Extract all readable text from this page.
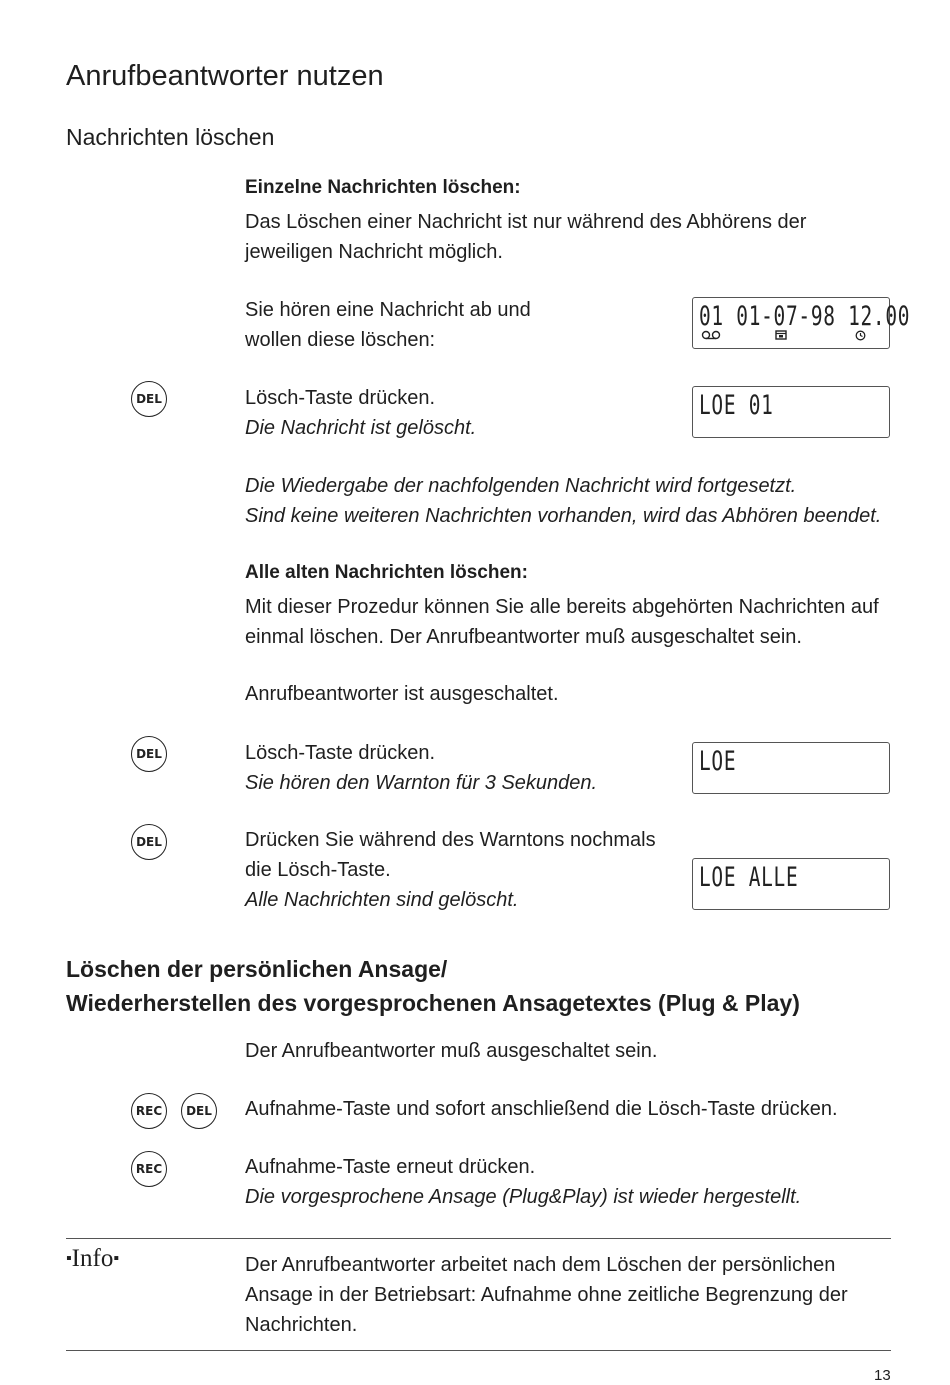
Anrufbeantworter nutzen
Nachrichten löschen
Einzelne Nachrichten löschen:
Das Löschen einer Nachricht ist nur während des Abhörens der
jeweiligen Nachricht möglich.
Sie hören eine Nachricht ab und
wollen diese löschen:
01 01-07-98 12.00
DEL	Lösch-Taste drücken.
Die Nachricht ist gelöscht.
LOE 01
Die Wiedergabe der nachfolgenden Nachricht wird fortgesetzt.
Sind keine weiteren Nachrichten vorhanden, wird das Abhören beendet.
Alle alten Nachrichten löschen:
Mit dieser Prozedur können Sie alle bereits abgehörten Nachrichten auf
einmal löschen. Der Anrufbeantworter muß ausgeschaltet sein.
Anrufbeantworter ist ausgeschaltet.
DEL	Lösch-Taste drücken.
Sie hören den Warnton für 3 Sekunden.
LOE
DEL	Drücken Sie während des Warntons nochmals
die Lösch-Taste.
Alle Nachrichten sind gelöscht.
LOE ALLE
Löschen der persönlichen Ansage/
Wiederherstellen des vorgesprochenen Ansagetextes (Plug & Play)
Der Anrufbeantworter muß ausgeschaltet sein.
REC	DEL Aufnahme-Taste und sofort anschließend die Lösch-Taste drücken.
REC	Aufnahme-Taste erneut drücken.
Die vorgesprochene Ansage (Plug&Play) ist wieder hergestellt.
▪Info▪	Der Anrufbeantworter arbeitet nach dem Löschen der persönlichen
Ansage in der Betriebsart: Aufnahme ohne zeitliche Begrenzung der
Nachrichten.
13
